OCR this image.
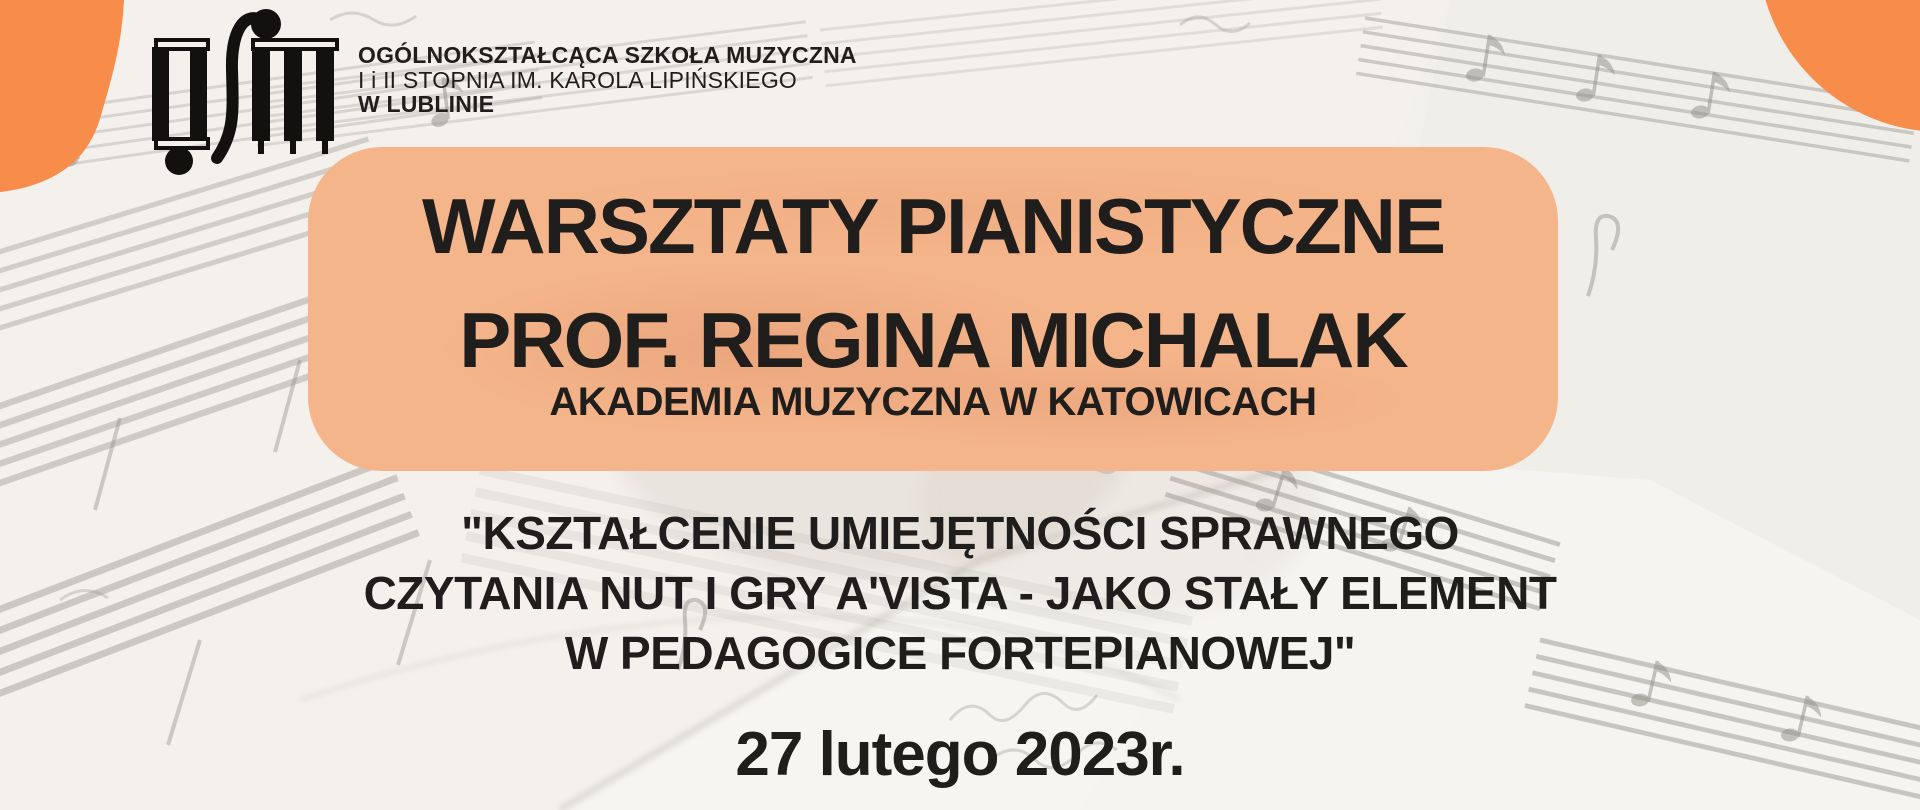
OGÓLNOKSZTAŁCĄCA SZKOŁA MUZYCZNA
I i II STOPNIA IM. KAROLA LIPIŃSKIEGO
W LUBLINIE
WARSZTATY PIANISTYCZNE
PROF. REGINA MICHALAK
AKADEMIA MUZYCZNA W KATOWICACH
"KSZTAŁCENIE UMIEJĘTNOŚCI SPRAWNEGO
CZYTANIA NUT I GRY A'VISTA - JAKO STAŁY ELEMENT
W PEDAGOGICE FORTEPIANOWEJ"
27 lutego 2023r.
